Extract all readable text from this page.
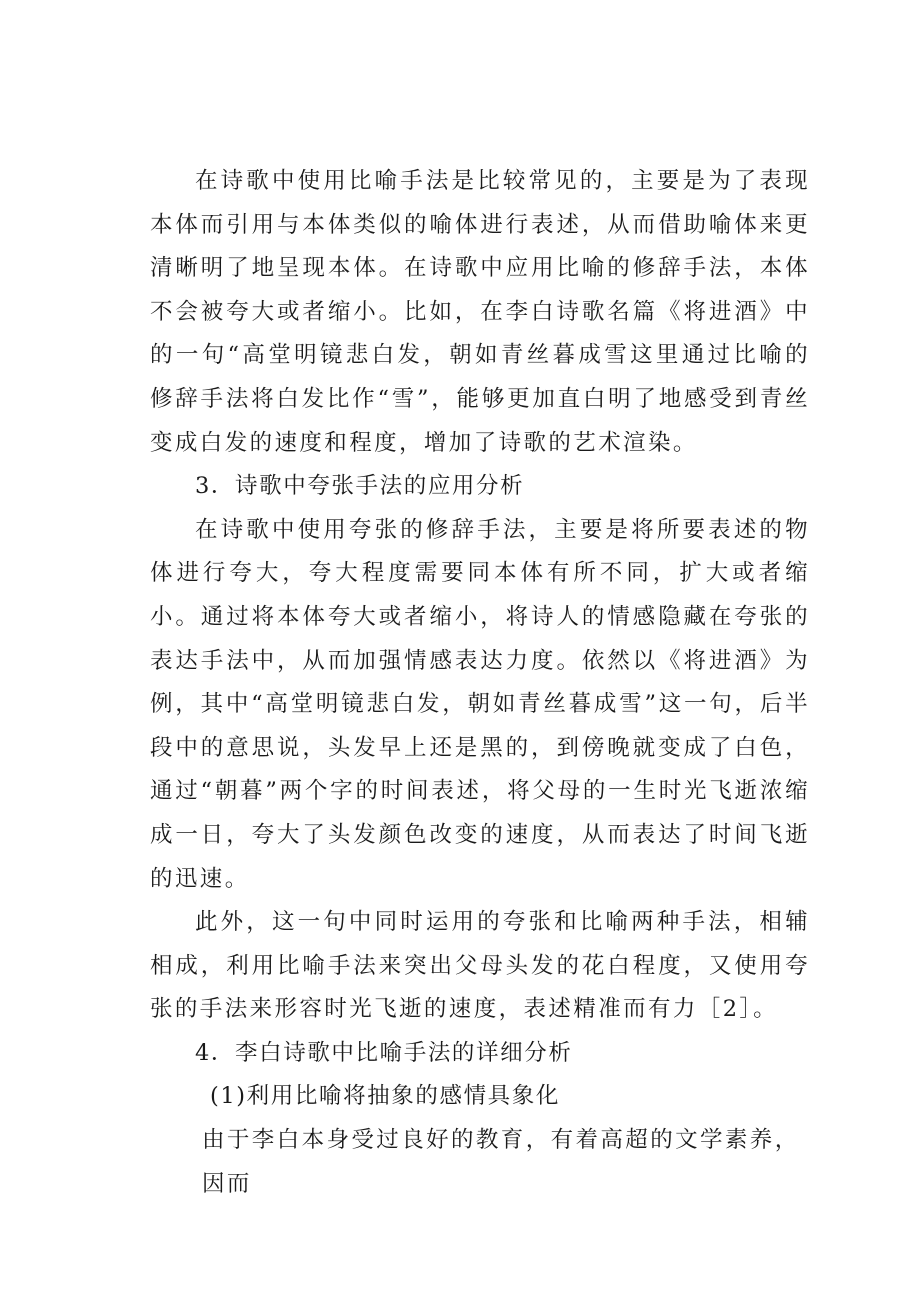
在诗歌中使用比喻手法是比较常见的，主要是为了表现本体而引用与本体类似的喻体进行表述，从而借助喻体来更清晰明了地呈现本体。在诗歌中应用比喻的修辞手法，本体不会被夸大或者缩小。比如，在李白诗歌名篇《将进酒》中的一句“高堂明镜悲白发，朝如青丝暮成雪这里通过比喻的修辞手法将白发比作“雪”，能够更加直白明了地感受到青丝变成白发的速度和程度，增加了诗歌的艺术渲染。

3．诗歌中夸张手法的应用分析

在诗歌中使用夸张的修辞手法，主要是将所要表述的物体进行夸大，夸大程度需要同本体有所不同，扩大或者缩小。通过将本体夸大或者缩小，将诗人的情感隐藏在夸张的表达手法中，从而加强情感表达力度。依然以《将进酒》为例，其中“高堂明镜悲白发，朝如青丝暮成雪”这一句，后半段中的意思说，头发早上还是黑的，到傍晚就变成了白色，通过“朝暮”两个字的时间表述，将父母的一生时光飞逝浓缩成一日，夸大了头发颜色改变的速度，从而表达了时间飞逝的迅速。

此外，这一句中同时运用的夸张和比喻两种手法，相辅相成，利用比喻手法来突出父母头发的花白程度，又使用夸张的手法来形容时光飞逝的速度，表述精准而有力［2］。

4．李白诗歌中比喻手法的详细分析

(1)利用比喻将抽象的感情具象化

由于李白本身受过良好的教育，有着高超的文学素养，因而
